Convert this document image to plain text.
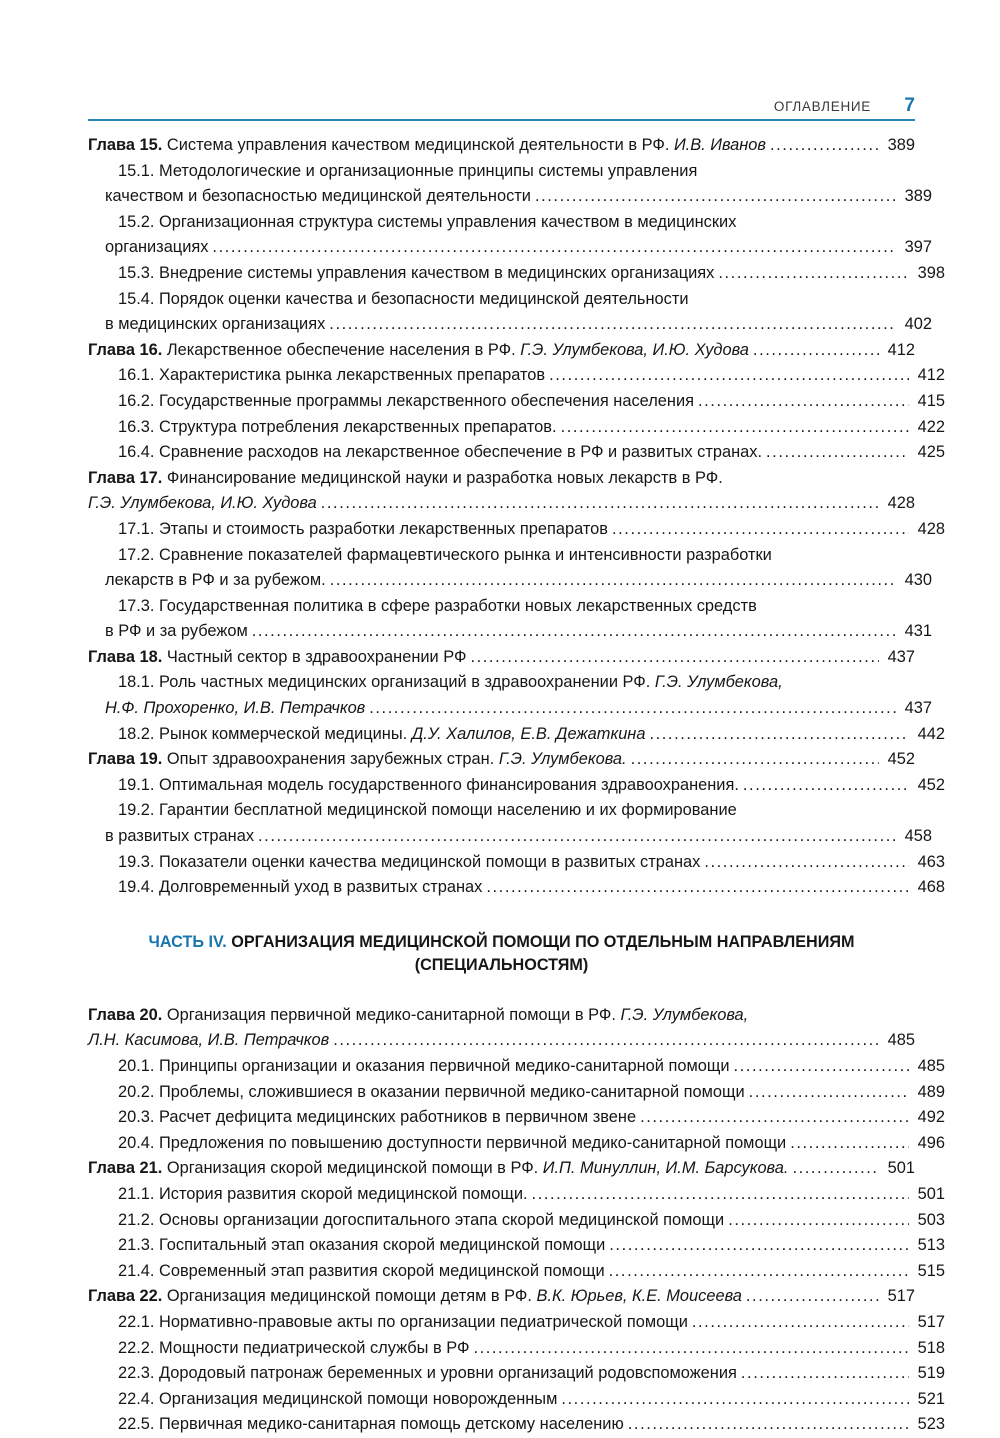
ОГЛАВЛЕНИЕ	7
Глава 15. Система управления качеством медицинской деятельности в РФ. И.В. Иванов .....	389
15.1. Методологические и организационные принципы системы управления
качеством и безопасностью медицинской деятельности .....	389
15.2. Организационная структура системы управления качеством в медицинских
организациях .....	397
15.3. Внедрение системы управления качеством в медицинских организациях .....	398
15.4. Порядок оценки качества и безопасности медицинской деятельности
в медицинских организациях .....	402
Глава 16. Лекарственное обеспечение населения в РФ. Г.Э. Улумбекова, И.Ю. Худова .....	412
16.1. Характеристика рынка лекарственных препаратов .....	412
16.2. Государственные программы лекарственного обеспечения населения .....	415
16.3. Структура потребления лекарственных препаратов. .....	422
16.4. Сравнение расходов на лекарственное обеспечение в РФ и развитых странах. .....	425
Глава 17. Финансирование медицинской науки и разработка новых лекарств в РФ.
Г.Э. Улумбекова, И.Ю. Худова .....	428
17.1. Этапы и стоимость разработки лекарственных препаратов .....	428
17.2. Сравнение показателей фармацевтического рынка и интенсивности разработки
лекарств в РФ и за рубежом. .....	430
17.3. Государственная политика в сфере разработки новых лекарственных средств
в РФ и за рубежом .....	431
Глава 18. Частный сектор в здравоохранении РФ .....	437
18.1. Роль частных медицинских организаций в здравоохранении РФ. Г.Э. Улумбекова,
Н.Ф. Прохоренко, И.В. Петрачков .....	437
18.2. Рынок коммерческой медицины. Д.У. Халилов, Е.В. Дежаткина .....	442
Глава 19. Опыт здравоохранения зарубежных стран. Г.Э. Улумбекова. .....	452
19.1. Оптимальная модель государственного финансирования здравоохранения. .....	452
19.2. Гарантии бесплатной медицинской помощи населению и их формирование
в развитых странах .....	458
19.3. Показатели оценки качества медицинской помощи в развитых странах .....	463
19.4. Долговременный уход в развитых странах .....	468
ЧАСТЬ IV. ОРГАНИЗАЦИЯ МЕДИЦИНСКОЙ ПОМОЩИ ПО ОТДЕЛЬНЫМ НАПРАВЛЕНИЯМ
(СПЕЦИАЛЬНОСТЯМ)
Глава 20. Организация первичной медико-санитарной помощи в РФ. Г.Э. Улумбекова,
Л.Н. Касимова, И.В. Петрачков .....	485
20.1. Принципы организации и оказания первичной медико-санитарной помощи .....	485
20.2. Проблемы, сложившиеся в оказании первичной медико-санитарной помощи .....	489
20.3. Расчет дефицита медицинских работников в первичном звене .....	492
20.4. Предложения по повышению доступности первичной медико-санитарной помощи .....	496
Глава 21. Организация скорой медицинской помощи в РФ. И.П. Минуллин, И.М. Барсукова. .....	501
21.1. История развития скорой медицинской помощи. .....	501
21.2. Основы организации догоспитального этапа скорой медицинской помощи .....	503
21.3. Госпитальный этап оказания скорой медицинской помощи .....	513
21.4. Современный этап развития скорой медицинской помощи .....	515
Глава 22. Организация медицинской помощи детям в РФ. В.К. Юрьев, К.Е. Моисеева .....	517
22.1. Нормативно-правовые акты по организации педиатрической помощи .....	517
22.2. Мощности педиатрической службы в РФ .....	518
22.3. Дородовый патронаж беременных и уровни организаций родовспоможения .....	519
22.4. Организация медицинской помощи новорожденным .....	521
22.5. Первичная медико-санитарная помощь детскому населению .....	523
